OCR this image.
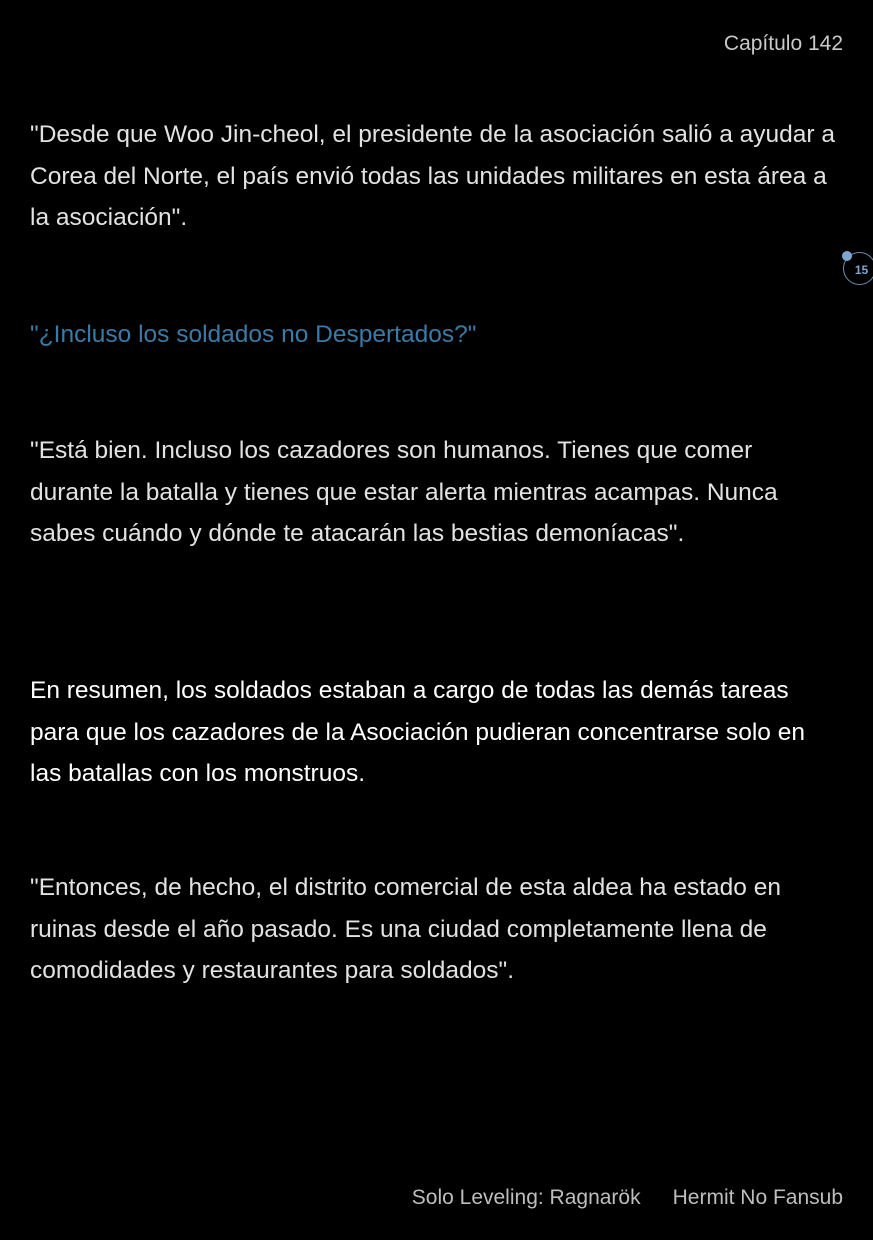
Capítulo 142

"Desde que Woo Jin-cheol, el presidente de la asociación salió a ayudar a Corea del Norte, el país envió todas las unidades militares en esta área a la asociación".

"¿Incluso los soldados no Despertados?"

"Está bien. Incluso los cazadores son humanos. Tienes que comer durante la batalla y tienes que estar alerta mientras acampas. Nunca sabes cuándo y dónde te atacarán las bestias demoníacas".

En resumen, los soldados estaban a cargo de todas las demás tareas para que los cazadores de la Asociación pudieran concentrarse solo en las batallas con los monstruos.

"Entonces, de hecho, el distrito comercial de esta aldea ha estado en ruinas desde el año pasado. Es una ciudad completamente llena de comodidades y restaurantes para soldados".

15
Solo Leveling: Ragnarök Hermit No Fansub
